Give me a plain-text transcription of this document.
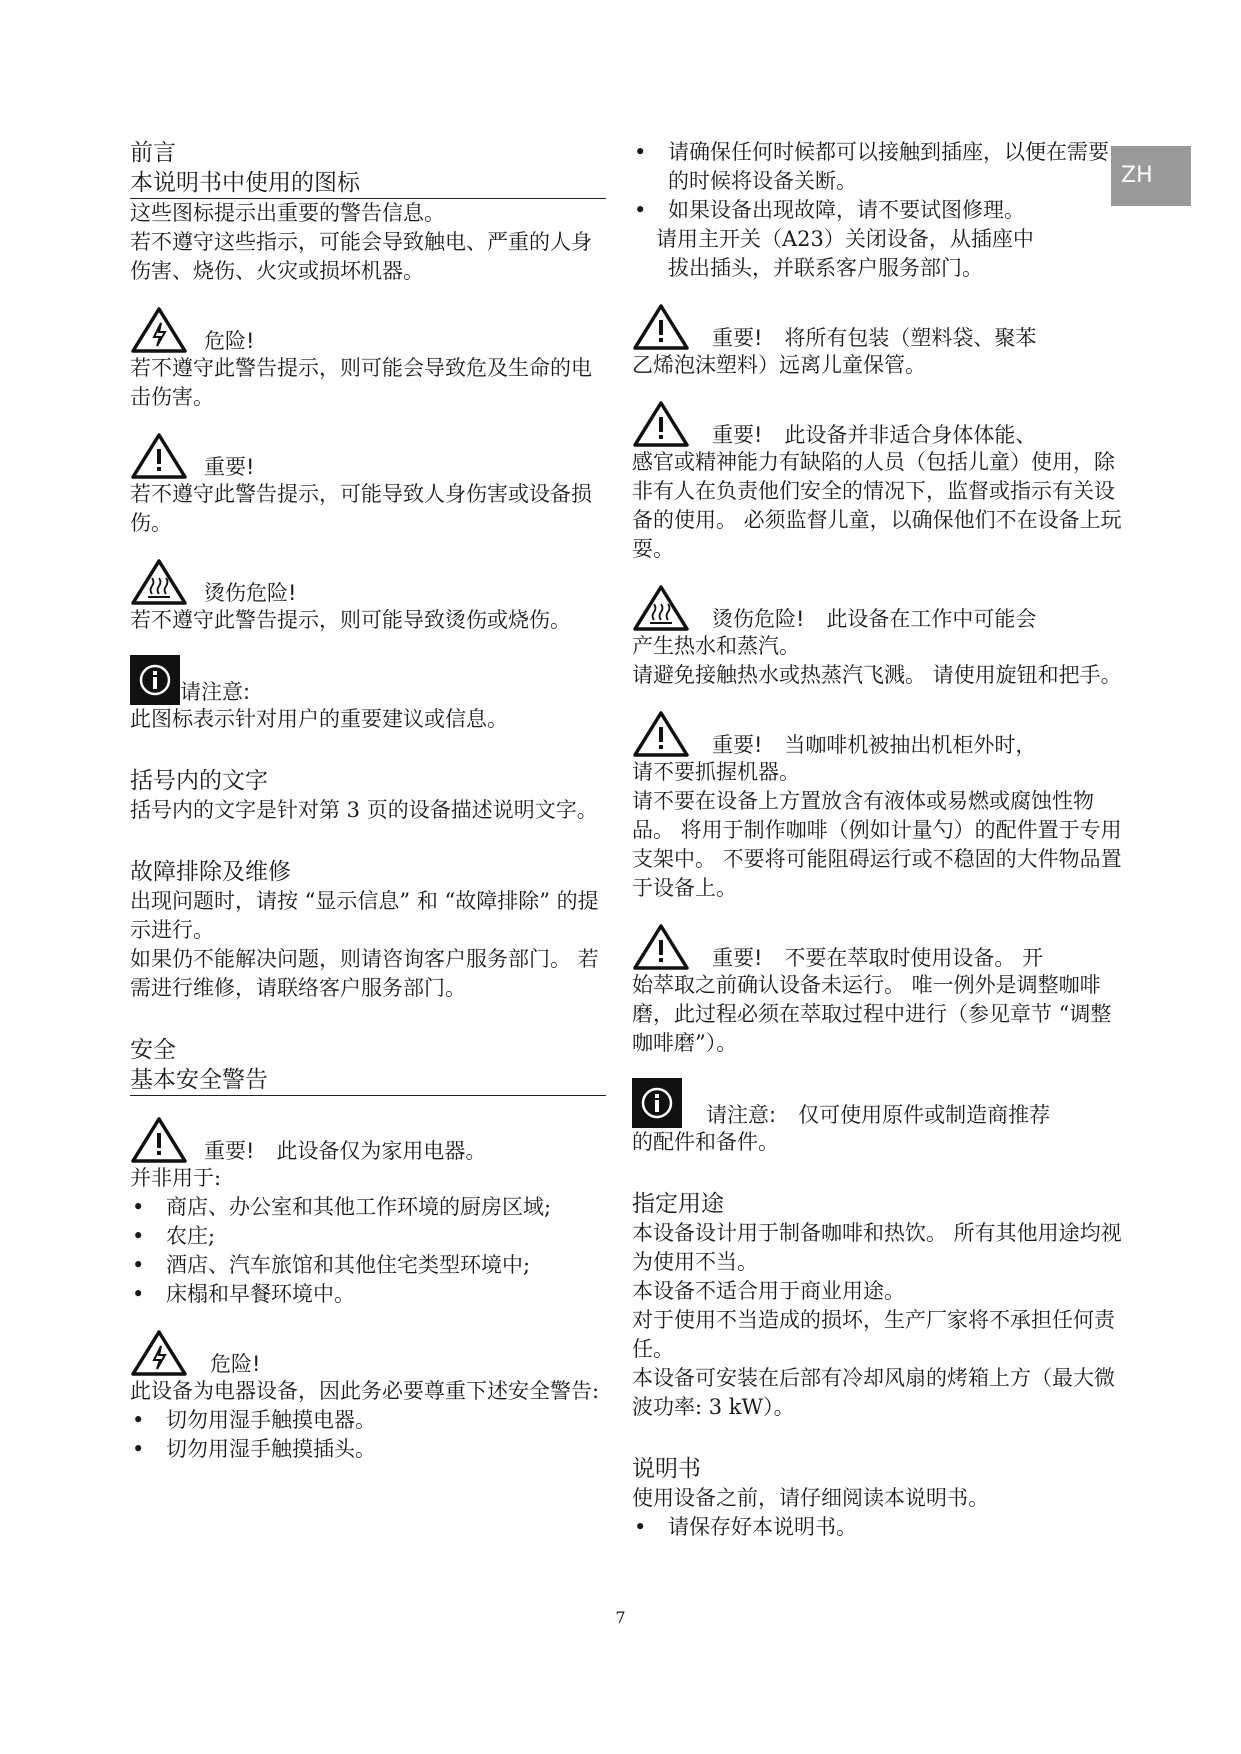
ZH

前言

本说明书中使用的图标

这些图标提示出重要的警告信息。

若不遵守这些指示，可能会导致触电、严重的人身伤害、烧伤、火灾或损坏机器。

危险!

若不遵守此警告提示，则可能会导致危及生命的电击伤害。

重要!

若不遵守此警告提示，可能导致人身伤害或设备损伤。

烫伤危险!

若不遵守此警告提示，则可能导致烫伤或烧伤。

请注意:

此图标表示针对用户的重要建议或信息。

括号内的文字

括号内的文字是针对第 3 页的设备描述说明文字。

故障排除及维修

出现问题时，请按 “显示信息” 和 “故障排除” 的提示进行。

如果仍不能解决问题，则请咨询客户服务部门。 若需进行维修，请联络客户服务部门。

安全

基本安全警告

重要! 此设备仅为家用电器。

并非用于:

• 商店、办公室和其他工作环境的厨房区域;
• 农庄;
• 酒店、汽车旅馆和其他住宅类型环境中;
• 床榻和早餐环境中。
危险!

此设备为电器设备，因此务必要尊重下述安全警告:

• 切勿用湿手触摸电器。
• 切勿用湿手触摸插头。
• 请确保任何时候都可以接触到插座，以便在需要的时候将设备关断。
• 如果设备出现故障，请不要试图修理。

请用主开关（A23）关闭设备，从插座中

拔出插头，并联系客户服务部门。

重要! 将所有包装（塑料袋、聚苯

乙烯泡沫塑料）远离儿童保管。

重要! 此设备并非适合身体体能、

感官或精神能力有缺陷的人员（包括儿童）使用，除非有人在负责他们安全的情况下，监督或指示有关设备的使用。 必须监督儿童，以确保他们不在设备上玩耍。

烫伤危险! 此设备在工作中可能会

产生热水和蒸汽。

请避免接触热水或热蒸汽飞溅。 请使用旋钮和把手。

重要! 当咖啡机被抽出机柜外时，

请不要抓握机器。

请不要在设备上方置放含有液体或易燃或腐蚀性物品。 将用于制作咖啡（例如计量勺）的配件置于专用支架中。 不要将可能阻碍运行或不稳固的大件物品置于设备上。

重要! 不要在萃取时使用设备。 开

始萃取之前确认设备未运行。 唯一例外是调整咖啡磨，此过程必须在萃取过程中进行（参见章节 “调整咖啡磨”）。

请注意: 仅可使用原件或制造商推荐

的配件和备件。

指定用途

本设备设计用于制备咖啡和热饮。 所有其他用途均视为使用不当。

本设备不适合用于商业用途。

对于使用不当造成的损坏，生产厂家将不承担任何责任。

本设备可安装在后部有冷却风扇的烤箱上方（最大微波功率: 3 kW）。

说明书

使用设备之前，请仔细阅读本说明书。

• 请保存好本说明书。
7
